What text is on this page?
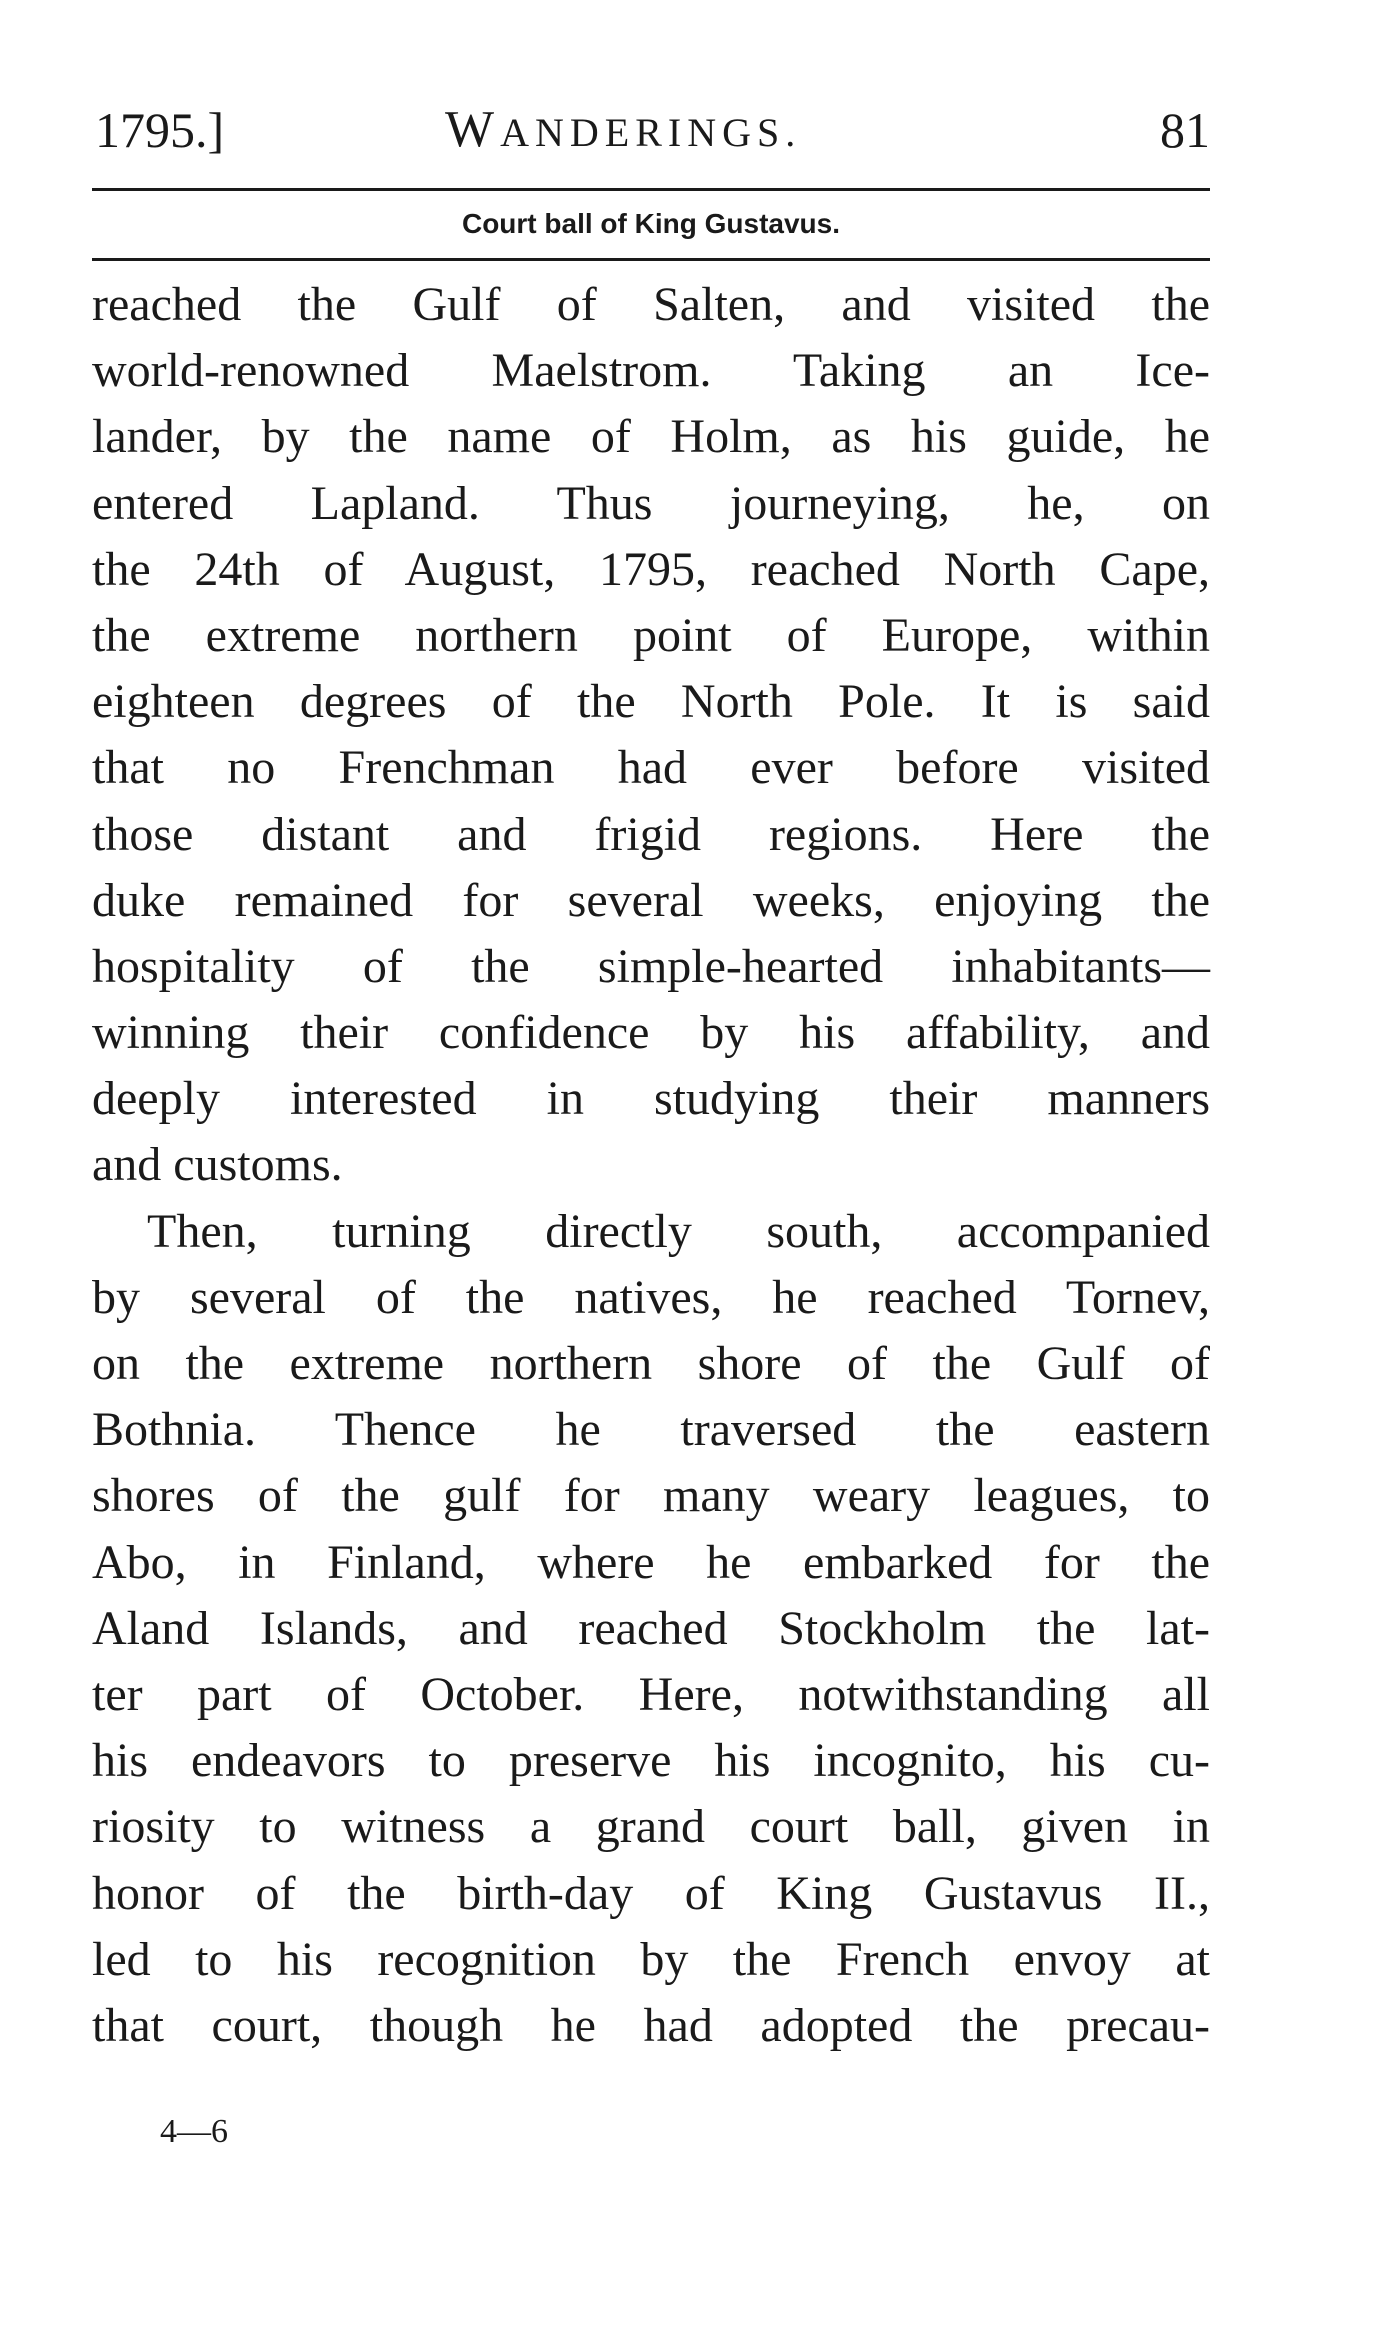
1795.]	WANDERINGS.	81
Court ball of King Gustavus.
reached the Gulf of Salten, and visited the
world-renowned Maelstrom. Taking an Ice-
lander, by the name of Holm, as his guide, he
entered Lapland. Thus journeying, he, on
the 24th of August, 1795, reached North Cape,
the extreme northern point of Europe, within
eighteen degrees of the North Pole. It is said
that no Frenchman had ever before visited
those distant and frigid regions. Here the
duke remained for several weeks, enjoying the
hospitality of the simple-hearted inhabitants—
winning their confidence by his affability, and
deeply interested in studying their manners
and customs.
Then, turning directly south, accompanied
by several of the natives, he reached Tornev,
on the extreme northern shore of the Gulf of
Bothnia. Thence he traversed the eastern
shores of the gulf for many weary leagues, to
Abo, in Finland, where he embarked for the
Aland Islands, and reached Stockholm the lat-
ter part of October. Here, notwithstanding all
his endeavors to preserve his incognito, his cu-
riosity to witness a grand court ball, given in
honor of the birth-day of King Gustavus II.,
led to his recognition by the French envoy at
that court, though he had adopted the precau-
4—6
